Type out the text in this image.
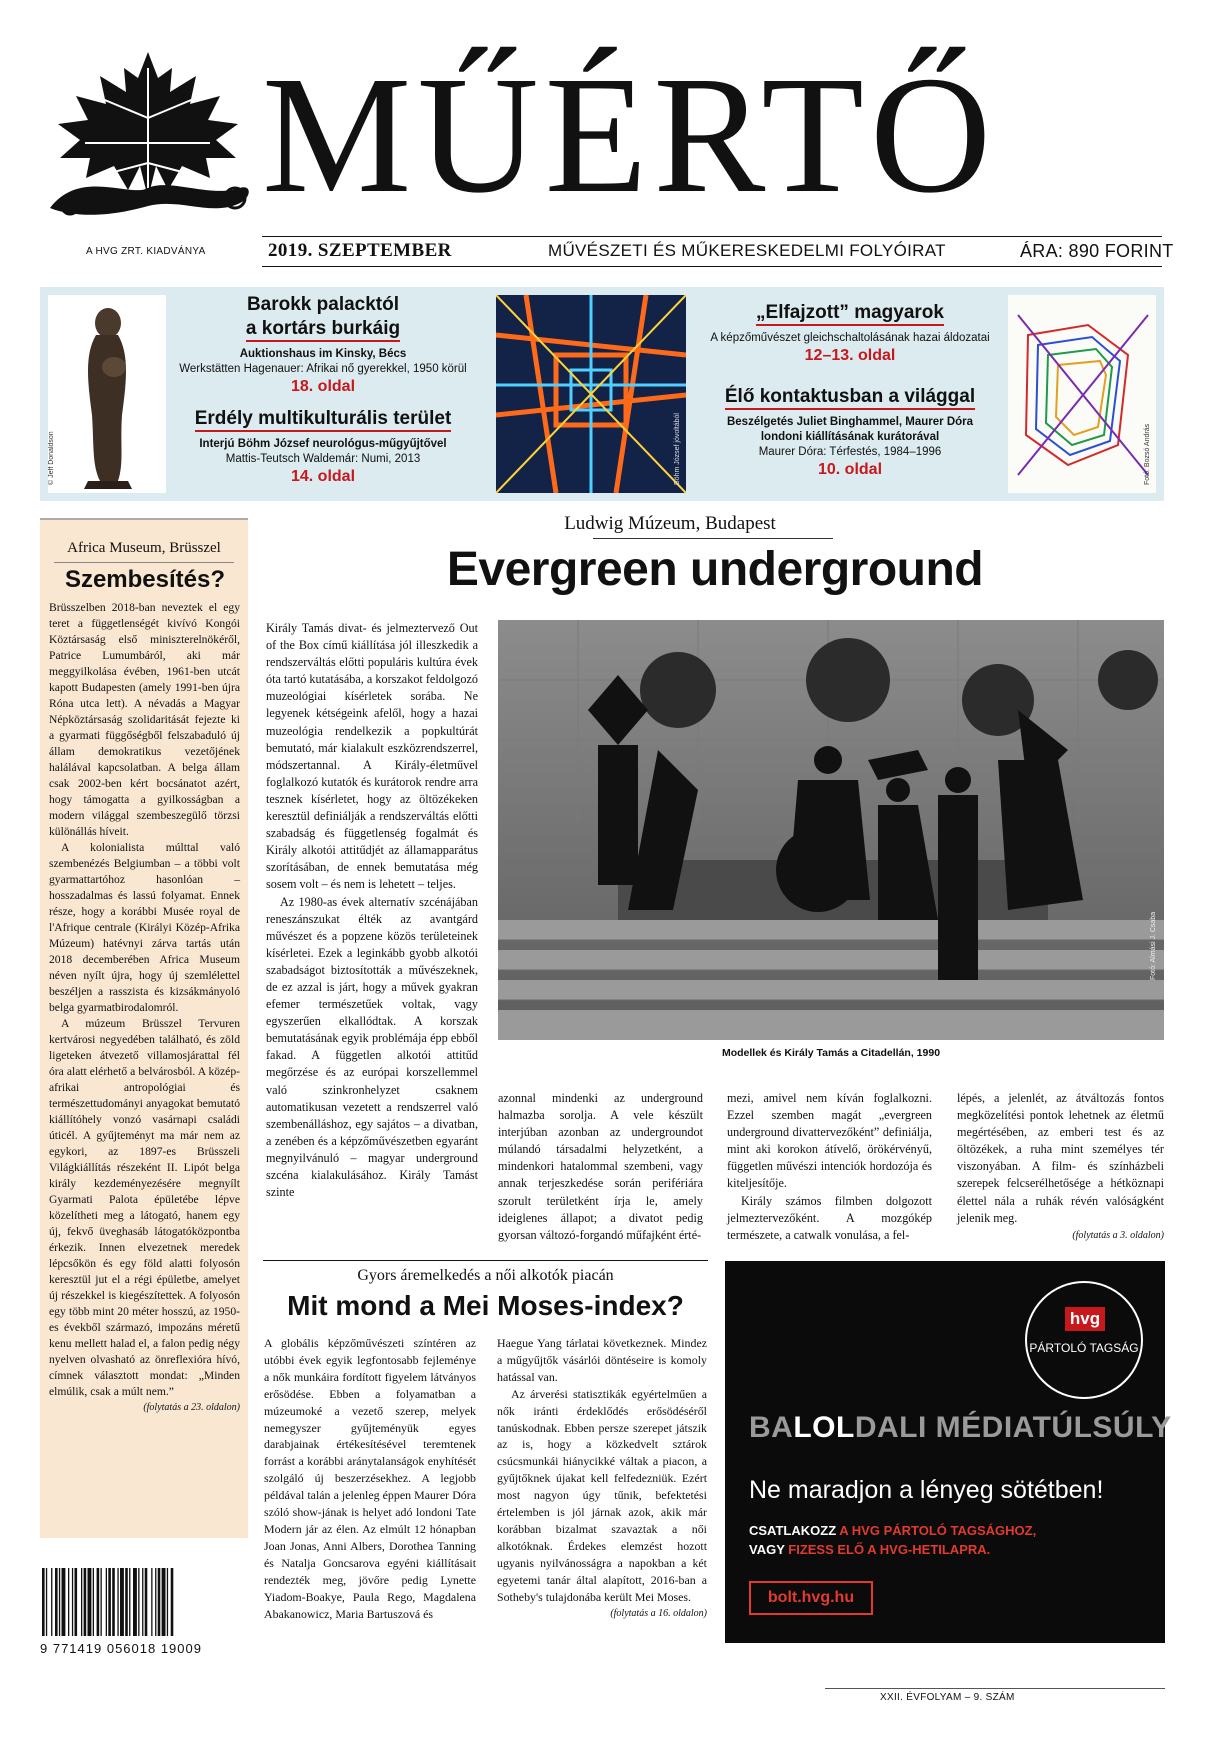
A HVG ZRT. KIADVÁNYA
MŰÉRTŐ
2019. SZEPTEMBER	MŰVÉSZETI ÉS MŰKERESKEDELMI FOLYÓIRAT	ÁRA: 890 FORINT
© Jeff Donaldson
Barokk palacktól
a kortárs burkáig
Auktionshaus im Kinsky, Bécs
Werkstätten Hagenauer: Afrikai nő gyerekkel, 1950 körül
18. oldal
Erdély multikulturális terület
Interjú Böhm József neurológus-műgyűjtővel
Mattis-Teutsch Waldemár: Numi, 2013
14. oldal	Böhm József jóvoltából
„Elfajzott” magyarok
A képzőművészet gleichschaltolásának hazai áldozatai
12–13. oldal
Élő kontaktusban a világgal
Beszélgetés Juliet Binghammel, Maurer Dóra
londoni kiállításának kurátorával
Maurer Dóra: Térfestés, 1984–1996
10. oldal	Fotó: Bozsó András
Africa Museum, Brüsszel
Szembesítés?

Brüsszelben 2018-ban neveztek el egy teret a függetlenségét kivívó Kongói Köztársaság első miniszterelnökéről, Patrice Lumumbáról, aki már meggyilkolása évében, 1961-ben utcát kapott Budapesten (amely 1991-ben újra Róna utca lett). A névadás a Magyar Népköztársaság szolidaritását fejezte ki a gyarmati függőségből felszabaduló új állam demokratikus vezetőjének halálával kapcsolatban. A belga állam csak 2002-ben kért bocsánatot azért, hogy támogatta a gyilkosságban a modern világgal szembeszegülő törzsi különállás híveit.

A kolonialista múlttal való szembenézés Belgiumban – a többi volt gyarmattartóhoz hasonlóan – hosszadalmas és lassú folyamat. Ennek része, hogy a korábbi Musée royal de l'Afrique centrale (Királyi Közép-Afrika Múzeum) hatévnyi zárva tartás után 2018 decemberében Africa Museum néven nyílt újra, hogy új szemlélettel beszéljen a rasszista és kizsákmányoló belga gyarmatbirodalomról.

A múzeum Brüsszel Tervuren kertvárosi negyedében található, és zöld ligeteken átvezető villamosjárattal fél óra alatt elérhető a belvárosból. A közép-afrikai antropológiai és természettudományi anyagokat bemutató kiállítóhely vonzó vasárnapi családi úticél. A gyűjteményt ma már nem az egykori, az 1897-es Brüsszeli Világkiállítás részeként II. Lipót belga király kezdeményezésére megnyílt Gyarmati Palota épületébe lépve közelítheti meg a látogató, hanem egy új, fekvő üveghasáb látogatóközpontba érkezik. Innen elvezetnek meredek lépcsőkön és egy föld alatti folyosón keresztül jut el a régi épületbe, amelyet új részekkel is kiegészítettek. A folyosón egy több mint 20 méter hosszú, az 1950-es évekből származó, impozáns méretű kenu mellett halad el, a falon pedig négy nyelven olvasható az önreflexióra hívó, címnek választott mondat: „Minden elmúlik, csak a múlt nem.”

(folytatás a 23. oldalon)
9 771419 056018 19009
Ludwig Múzeum, Budapest
Evergreen underground

Király Tamás divat- és jelmeztervező Out of the Box című kiállítása jól illeszkedik a rendszerváltás előtti populáris kultúra évek óta tartó kutatásába, a korszakot feldolgozó muzeológiai kísérletek sorába. Ne legyenek kétségeink afelől, hogy a hazai muzeológia rendelkezik a popkultúrát bemutató, már kialakult eszközrendszerrel, módszertannal. A Király-életművel foglalkozó kutatók és kurátorok rendre arra tesznek kísérletet, hogy az öltözékeken keresztül definiálják a rendszerváltás előtti szabadság és függetlenség fogalmát és Király alkotói attitűdjét az államapparátus szorításában, de ennek bemutatása még sosem volt – és nem is lehetett – teljes.

Az 1980-as évek alternatív szcénájában reneszánszukat élték az avantgárd művészet és a popzene közös területeinek kísérletei. Ezek a leginkább gyobb alkotói szabadságot biztosították a művészeknek, de ez azzal is járt, hogy a művek gyakran efemer természetűek voltak, vagy egyszerűen elkallódtak. A korszak bemutatásának egyik problémája épp ebből fakad. A független alkotói attitűd megőrzése és az európai korszellemmel való szinkronhelyzet csaknem automatikusan vezetett a rendszerrel való szembenálláshoz, egy sajátos – a divatban, a zenében és a képzőművészetben egyaránt megnyilvánuló – magyar underground szcéna kialakulásához. Király Tamást szinte

Fotó: Almási J. Csaba
Modellek és Király Tamás a Citadellán, 1990

azonnal mindenki az underground halmazba sorolja. A vele készült interjúban azonban az undergroundot múlandó társadalmi helyzetként, a mindenkori hatalommal szembeni, vagy annak terjeszkedése során perifériára szorult területként írja le, amely ideiglenes állapot; a divatot pedig gyorsan változó-forgandó műfajként érté-

mezi, amivel nem kíván foglalkozni. Ezzel szemben magát „evergreen underground divattervezőként” definiálja, mint aki korokon átívelő, örökérvényű, független művészi intenciók hordozója és kiteljesítője.

Király számos filmben dolgozott jelmeztervezőként. A mozgókép természete, a catwalk vonulása, a fel-

lépés, a jelenlét, az átváltozás fontos megközelítési pontok lehetnek az életmű megértésében, az emberi test és az öltözékek, a ruha mint személyes tér viszonyában. A film- és színházbeli szerepek felcserélhetősége a hétköznapi élettel nála a ruhák révén valóságként jelenik meg.

(folytatás a 3. oldalon)
Gyors áremelkedés a női alkotók piacán
Mit mond a Mei Moses-index?

A globális képzőművészeti színtéren az utóbbi évek egyik legfontosabb fejleménye a nők munkáira fordított figyelem látványos erősödése. Ebben a folyamatban a múzeumoké a vezető szerep, melyek nemegyszer gyűjteményük egyes darabjainak értékesítésével teremtenek forrást a korábbi aránytalanságok enyhítését szolgáló új beszerzésekhez. A legjobb példával talán a jelenleg éppen Maurer Dóra szóló show-jának is helyet adó londoni Tate Modern jár az élen. Az elmúlt 12 hónapban Joan Jonas, Anni Albers, Dorothea Tanning és Natalja Goncsarova egyéni kiállításait rendezték meg, jövőre pedig Lynette Yiadom-Boakye, Paula Rego, Magdalena Abakanowicz, Maria Bartuszová és

Haegue Yang tárlatai következnek. Mindez a műgyűjtők vásárlói döntéseire is komoly hatással van.

Az árverési statisztikák egyértelműen a nők iránti érdeklődés erősödéséről tanúskodnak. Ebben persze szerepet játszik az is, hogy a közkedvelt sztárok csúcsmunkái hiánycikké váltak a piacon, a gyűjtőknek újakat kell felfedezniük. Ezért most nagyon úgy tűnik, befektetési értelemben is jól járnak azok, akik már korábban bizalmat szavaztak a női alkotóknak. Érdekes elemzést hozott ugyanis nyilvánosságra a napokban a két egyetemi tanár által alapított, 2016-ban a Sotheby's tulajdonába került Mei Moses.

(folytatás a 16. oldalon)
hvg
PÁRTOLÓ TAGSÁG
BALOLDALI MÉDIATÚLSÚLY
Ne maradjon a lényeg sötétben!
CSATLAKOZZ A HVG PÁRTOLÓ TAGSÁGHOZ,
VAGY FIZESS ELŐ A HVG-HETILAPRA.
bolt.hvg.hu
XXII. ÉVFOLYAM – 9. SZÁM
